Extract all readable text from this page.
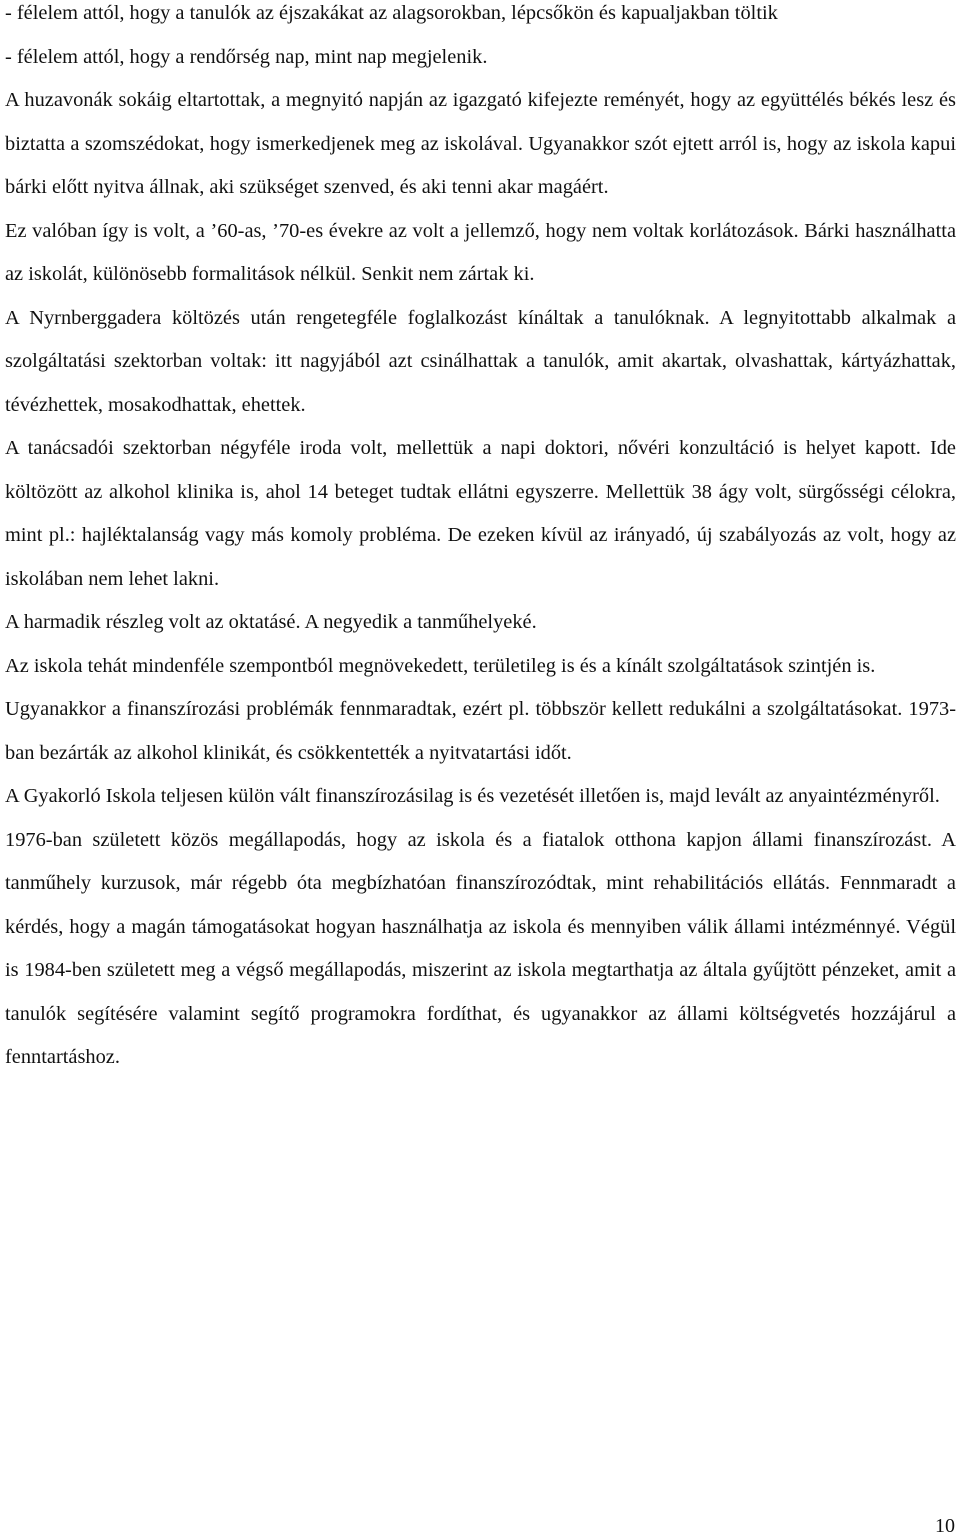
- félelem attól, hogy a tanulók az éjszakákat az alagsorokban, lépcsőkön és kapualjakban töltik

- félelem attól, hogy a rendőrség nap, mint nap megjelenik.

A huzavonák sokáig eltartottak, a megnyitó napján az igazgató kifejezte reményét, hogy az együttélés békés lesz és biztatta a szomszédokat, hogy ismerkedjenek meg az iskolával. Ugyanakkor szót ejtett arról is, hogy az iskola kapui bárki előtt nyitva állnak, aki szükséget szenved, és aki tenni akar magáért.

Ez valóban így is volt, a ’60-as, ’70-es évekre az volt a jellemző, hogy nem voltak korlátozások. Bárki használhatta az iskolát, különösebb formalitások nélkül. Senkit nem zártak ki.

A Nyrnberggadera költözés után rengetegféle foglalkozást kínáltak a tanulóknak. A legnyitottabb alkalmak a szolgáltatási szektorban voltak: itt nagyjából azt csinálhattak a tanulók, amit akartak, olvashattak, kártyázhattak, tévézhettek, mosakodhattak, ehettek.

A tanácsadói szektorban négyféle iroda volt, mellettük a napi doktori, nővéri konzultáció is helyet kapott. Ide költözött az alkohol klinika is, ahol 14 beteget tudtak ellátni egyszerre. Mellettük 38 ágy volt, sürgősségi célokra, mint pl.: hajléktalanság vagy más komoly probléma. De ezeken kívül az irányadó, új szabályozás az volt, hogy az iskolában nem lehet lakni.

A harmadik részleg volt az oktatásé. A negyedik a tanműhelyeké.

Az iskola tehát mindenféle szempontból megnövekedett, területileg is és a kínált szolgáltatások szintjén is.

Ugyanakkor a finanszírozási problémák fennmaradtak, ezért pl. többször kellett redukálni a szolgáltatásokat. 1973-ban bezárták az alkohol klinikát, és csökkentették a nyitvatartási időt.

A Gyakorló Iskola teljesen külön vált finanszírozásilag is és vezetését illetően is, majd levált az anyaintézményről.

1976-ban született közös megállapodás, hogy az iskola és a fiatalok otthona kapjon állami finanszírozást. A tanműhely kurzusok, már régebb óta megbízhatóan finanszírozódtak, mint rehabilitációs ellátás. Fennmaradt a kérdés, hogy a magán támogatásokat hogyan használhatja az iskola és mennyiben válik állami intézménnyé. Végül is 1984-ben született meg a végső megállapodás, miszerint az iskola megtarthatja az általa gyűjtött pénzeket, amit a tanulók segítésére valamint segítő programokra fordíthat, és ugyanakkor az állami költségvetés hozzájárul a fenntartáshoz.

10
